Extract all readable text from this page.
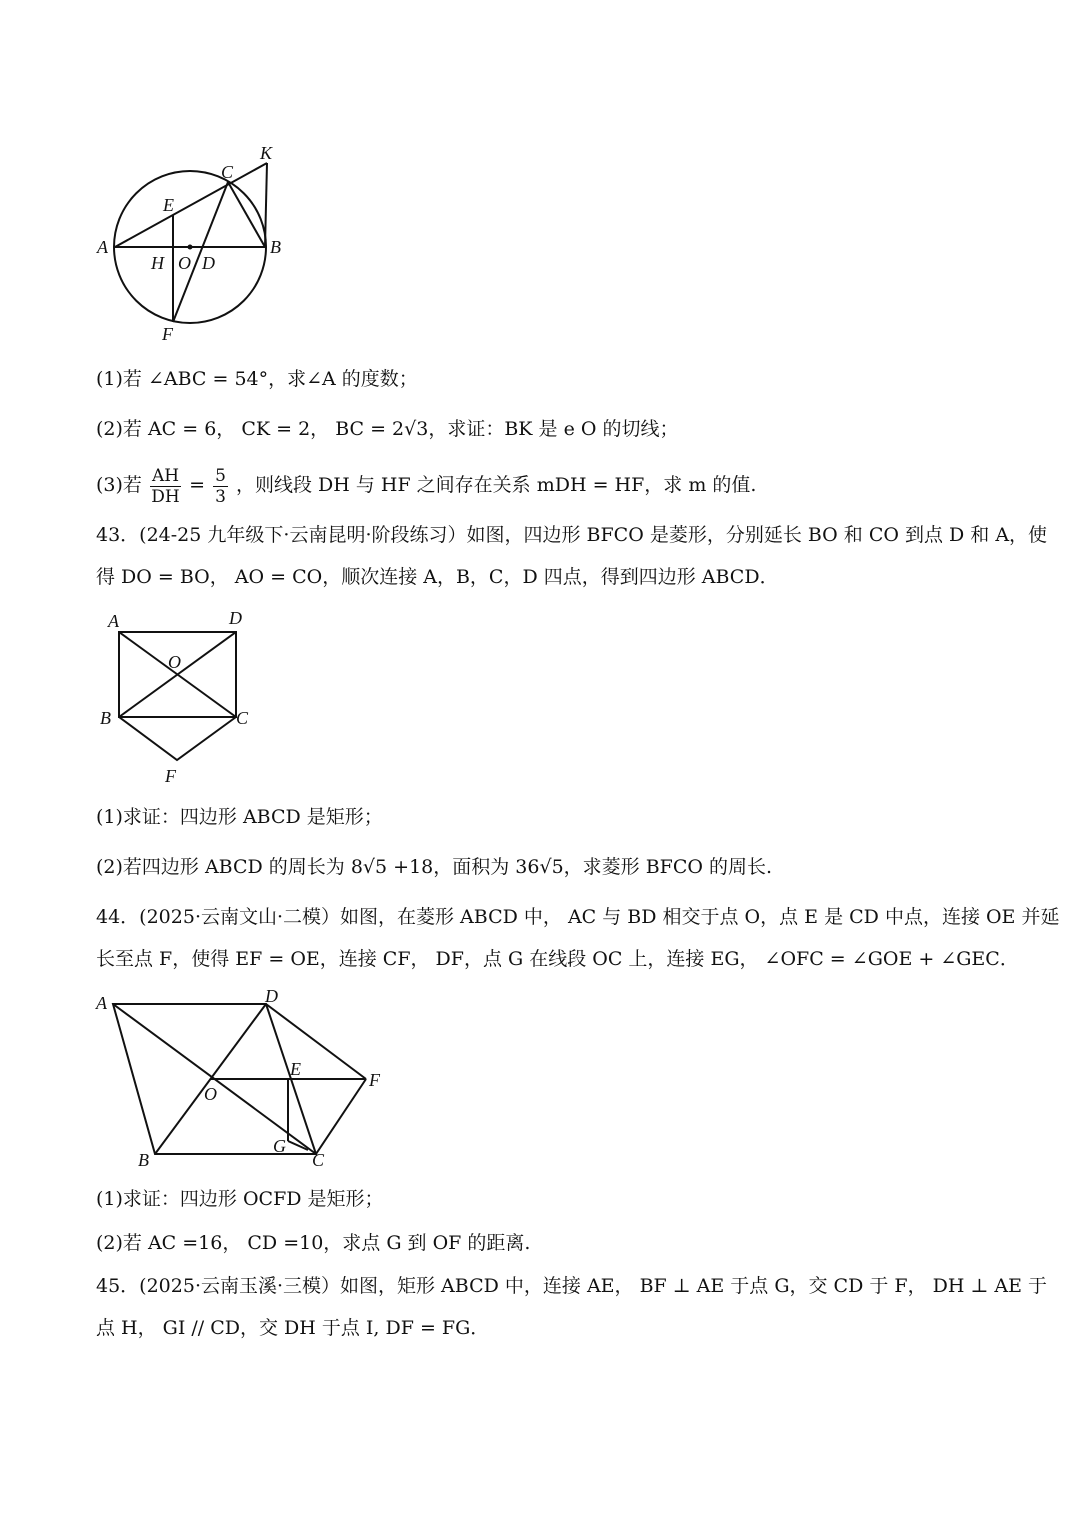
K
C
E
A	B
H O D
F
(1)若 ∠ABC = 54°，求∠A 的度数；
(2)若 AC = 6， CK = 2， BC = 2√3，求证：BK 是 e O 的切线；
(3)若 $\frac{AH}{DH} = \frac{5}{3}$ ，则线段 DH 与 HF 之间存在关系 mDH = HF，求 m 的值.
43．(24-25 九年级下·云南昆明·阶段练习）如图，四边形 BFCO 是菱形，分别延长 BO 和 CO 到点 D 和 A，使
得 DO = BO， AO = CO，顺次连接 A，B，C，D 四点，得到四边形 ABCD．
A	D
O
B	C
F
(1)求证：四边形 ABCD 是矩形；
(2)若四边形 ABCD 的周长为 8√5 +18，面积为 36√5，求菱形 BFCO 的周长.
44．(2025·云南文山·二模）如图，在菱形 ABCD 中， AC 与 BD 相交于点 O，点 E 是 CD 中点，连接 OE 并延
长至点 F，使得 EF = OE，连接 CF， DF，点 G 在线段 OC 上，连接 EG， ∠OFC = ∠GOE + ∠GEC．
A	D
E
F
O
B
G
C
(1)求证：四边形 OCFD 是矩形；
(2)若 AC =16， CD =10，求点 G 到 OF 的距离.
45．(2025·云南玉溪·三模）如图，矩形 ABCD 中，连接 AE， BF ⊥ AE 于点 G，交 CD 于 F， DH ⊥ AE 于
点 H， GI // CD，交 DH 于点 I, DF = FG．
